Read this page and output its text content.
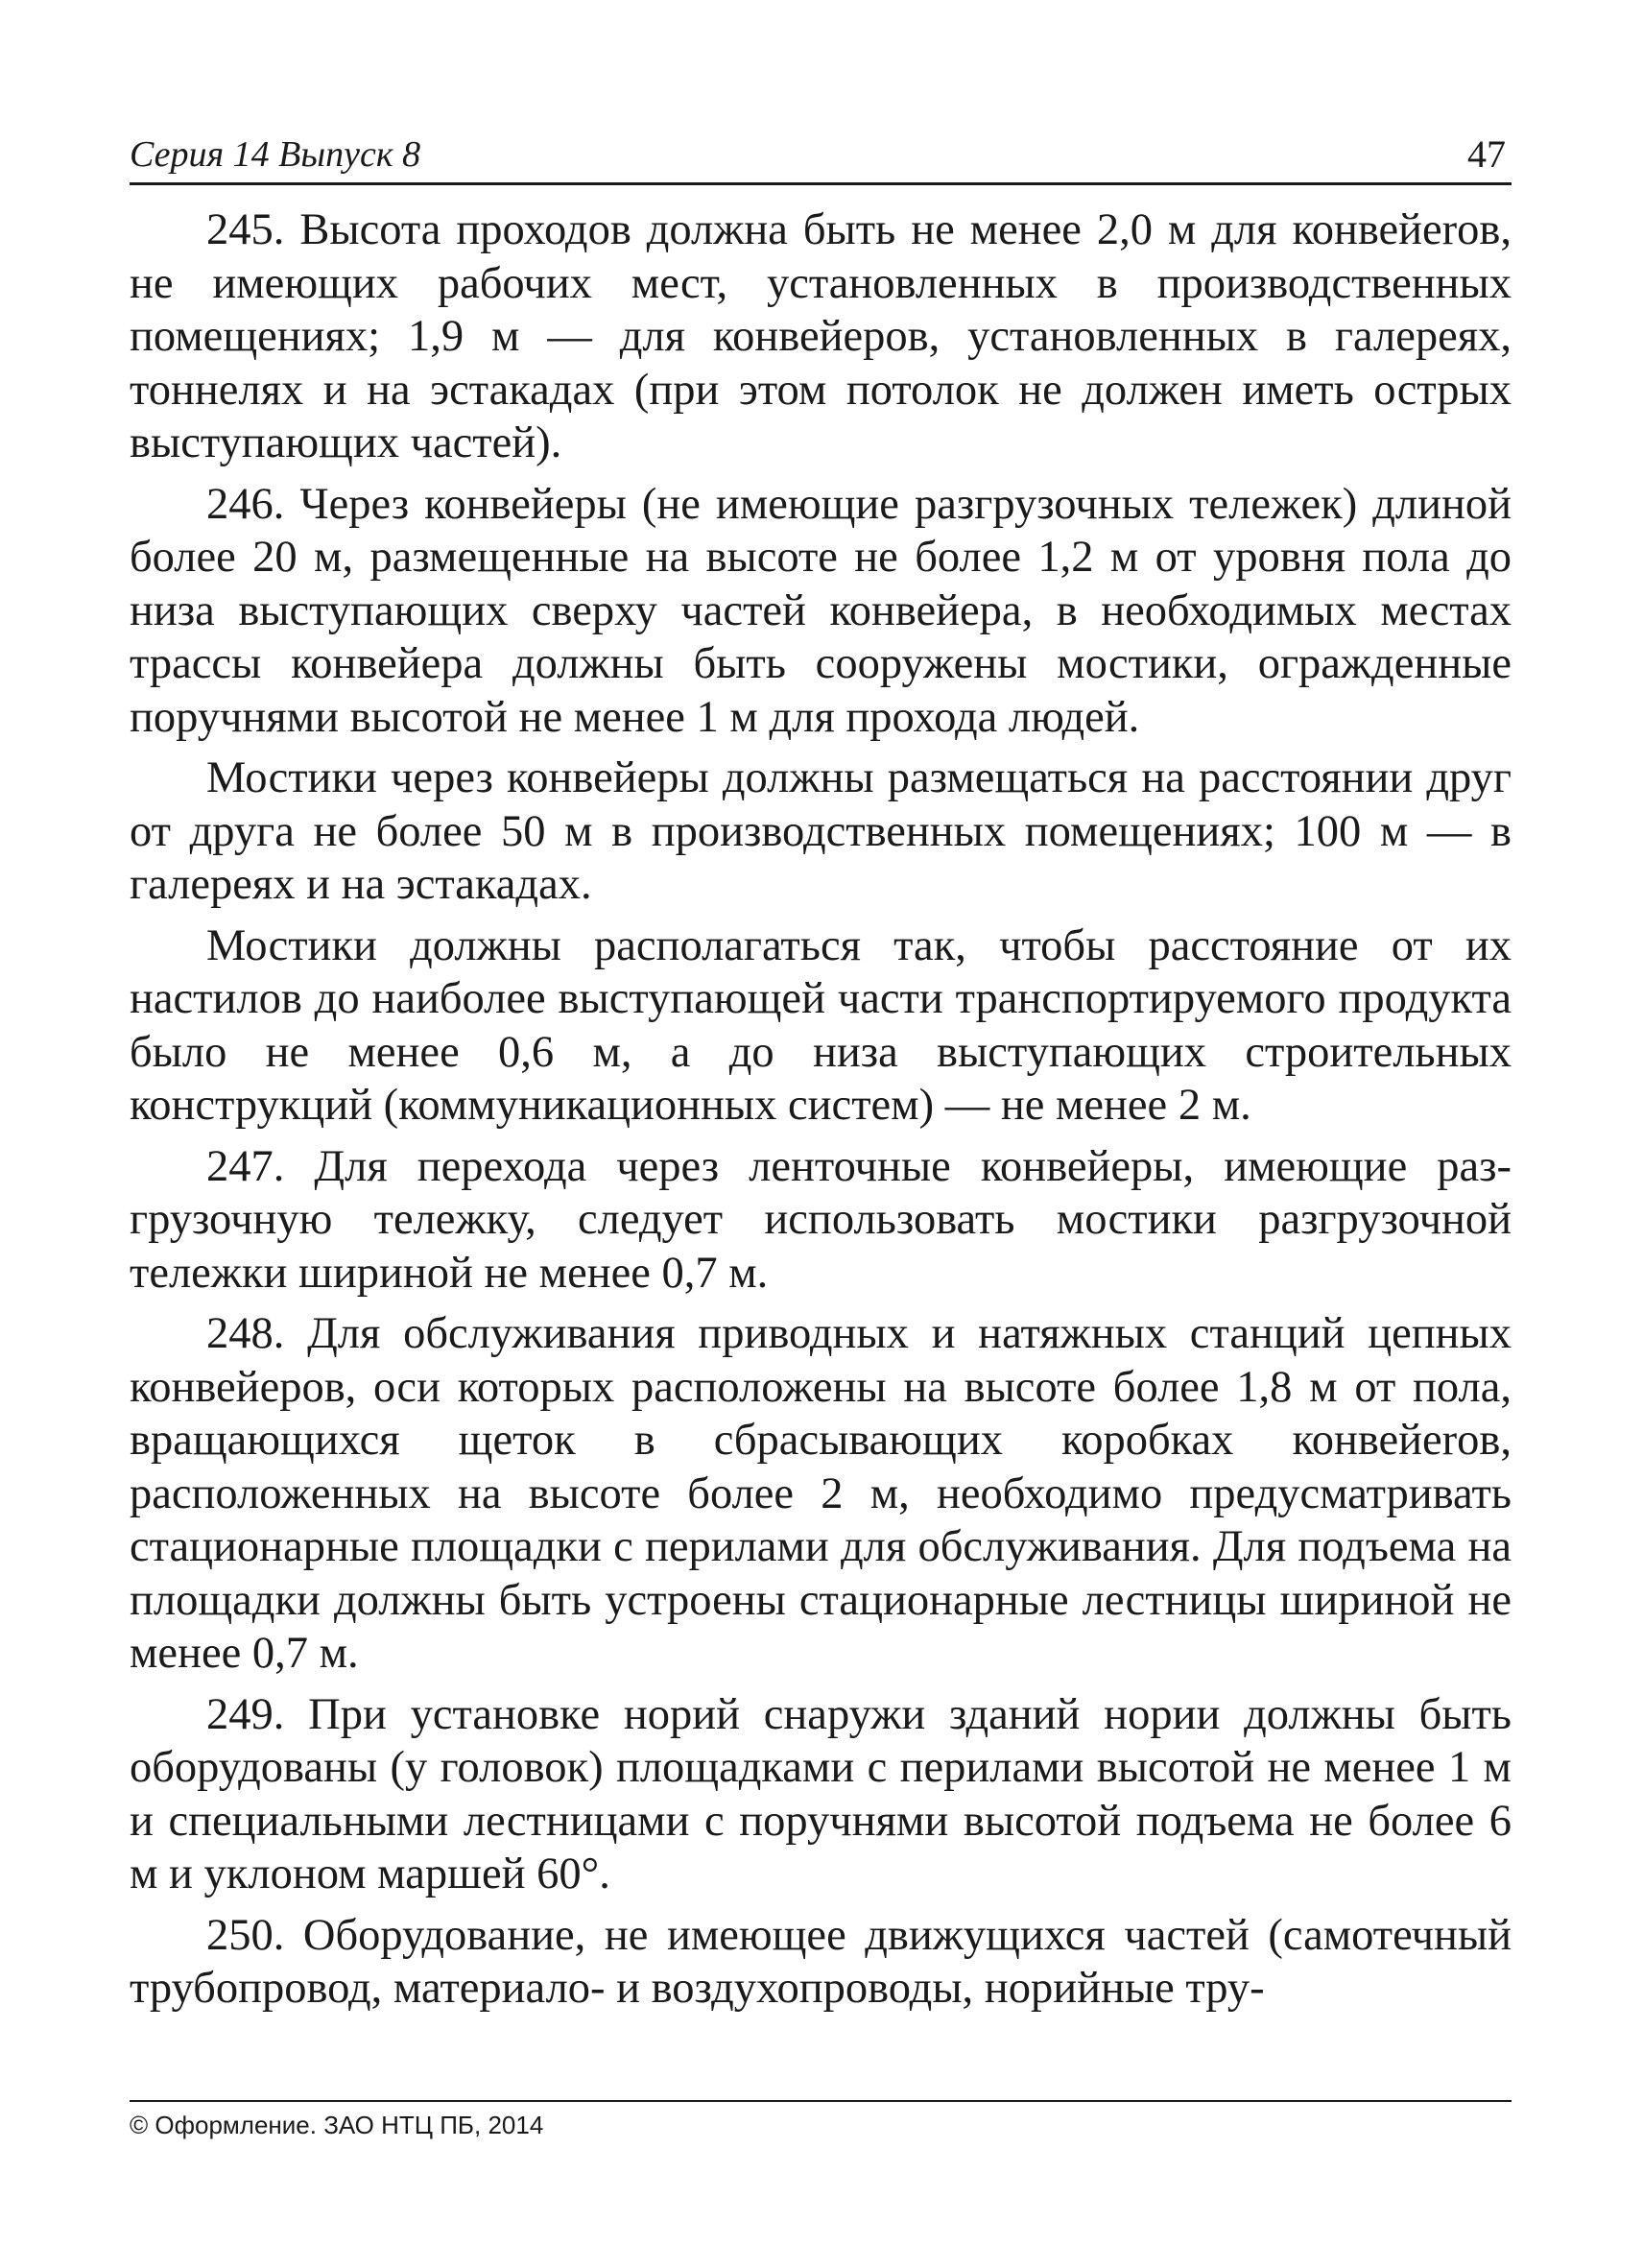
Серия 14 Выпуск 8	47

245. Высота проходов должна быть не менее 2,0 м для конвейerов, не имеющих рабочих мест, установленных в производственных помещениях; 1,9 м — для конвейеров, установленных в галереях, тоннелях и на эстакадах (при этом потолок не должен иметь острых выступающих частей).

246. Через конвейеры (не имеющие разгрузочных тележек) длиной более 20 м, размещенные на высоте не более 1,2 м от уровня пола до низа выступающих сверху частей конвейера, в необходимых местах трассы конвейера должны быть сооружены мостики, огражденные поручнями высотой не менее 1 м для прохода людей.

Мостики через конвейеры должны размещаться на расстоянии друг от друга не более 50 м в производственных помещениях; 100 м — в галереях и на эстакадах.

Мостики должны располагаться так, чтобы расстояние от их настилов до наиболее выступающей части транспортируемого продукта было не менее 0,6 м, а до низа выступающих строительных конструкций (коммуникационных систем) — не менее 2 м.

247. Для перехода через ленточные конвейеры, имеющие разгрузочную тележку, следует использовать мостики разгрузочной тележки шириной не менее 0,7 м.

248. Для обслуживания приводных и натяжных станций цепных конвейеров, оси которых расположены на высоте более 1,8 м от пола, вращающихся щеток в сбрасывающих коробках конвейerов, расположенных на высоте более 2 м, необходимо предусматривать стационарные площадки с перилами для обслуживания. Для подъема на площадки должны быть устроены стационарные лестницы шириной не менее 0,7 м.

249. При установке норий снаружи зданий нории должны быть оборудованы (у головок) площадками с перилами высотой не менее 1 м и специальными лестницами с поручнями высотой подъема не более 6 м и уклоном маршей 60°.

250. Оборудование, не имеющее движущихся частей (самотечный трубопровод, материало- и воздухопроводы, норийные тру-

© Оформление. ЗАО НТЦ ПБ, 2014
